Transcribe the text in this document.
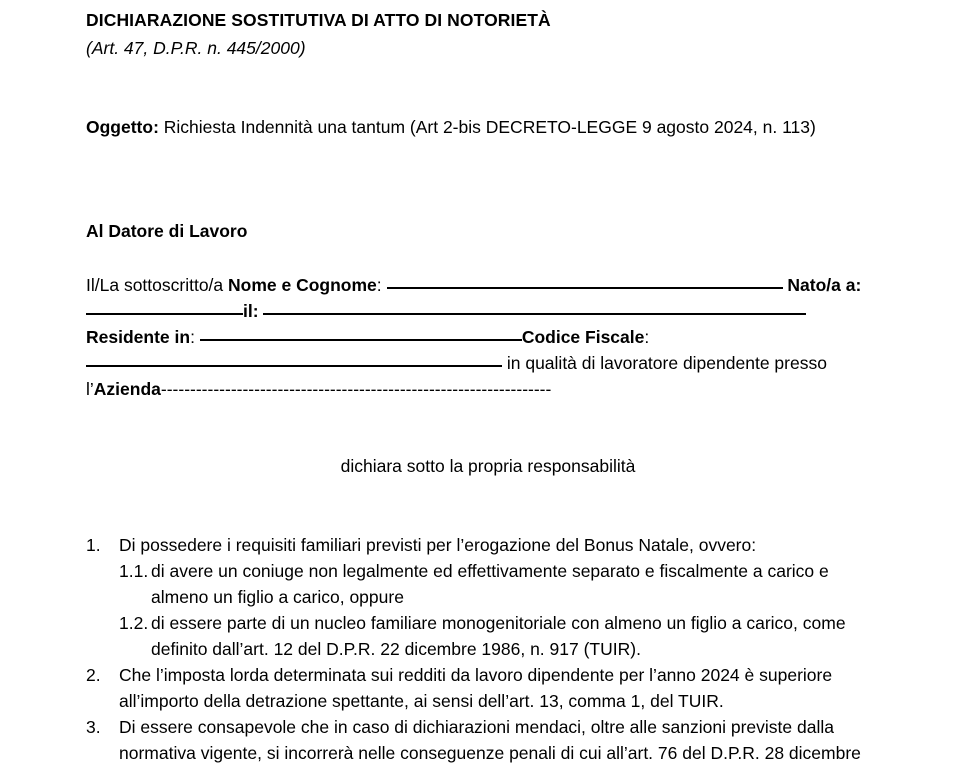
DICHIARAZIONE SOSTITUTIVA DI ATTO DI NOTORIETÀ
(Art. 47, D.P.R. n. 445/2000)
Oggetto: Richiesta Indennità una tantum (Art 2-bis DECRETO-LEGGE 9 agosto 2024, n. 113)
Al Datore di Lavoro
Il/La sottoscritto/a Nome e Cognome:	Nato/a a:
il:
Residente in:	Codice Fiscale:
in qualità di lavoratore dipendente presso
l’Azienda-------------------------------------------------------------------
dichiara sotto la propria responsabilità
1.	Di possedere i requisiti familiari previsti per l’erogazione del Bonus Natale, ovvero:
1.1. di avere un coniuge non legalmente ed effettivamente separato e fiscalmente a carico e almeno un figlio a carico, oppure
1.2. di essere parte di un nucleo familiare monogenitoriale con almeno un figlio a carico, come definito dall’art. 12 del D.P.R. 22 dicembre 1986, n. 917 (TUIR).
2.	Che l’imposta lorda determinata sui redditi da lavoro dipendente per l’anno 2024 è superiore all’importo della detrazione spettante, ai sensi dell’art. 13, comma 1, del TUIR.
3.	Di essere consapevole che in caso di dichiarazioni mendaci, oltre alle sanzioni previste dalla normativa vigente, si incorrerà nelle conseguenze penali di cui all’art. 76 del D.P.R. 28 dicembre
